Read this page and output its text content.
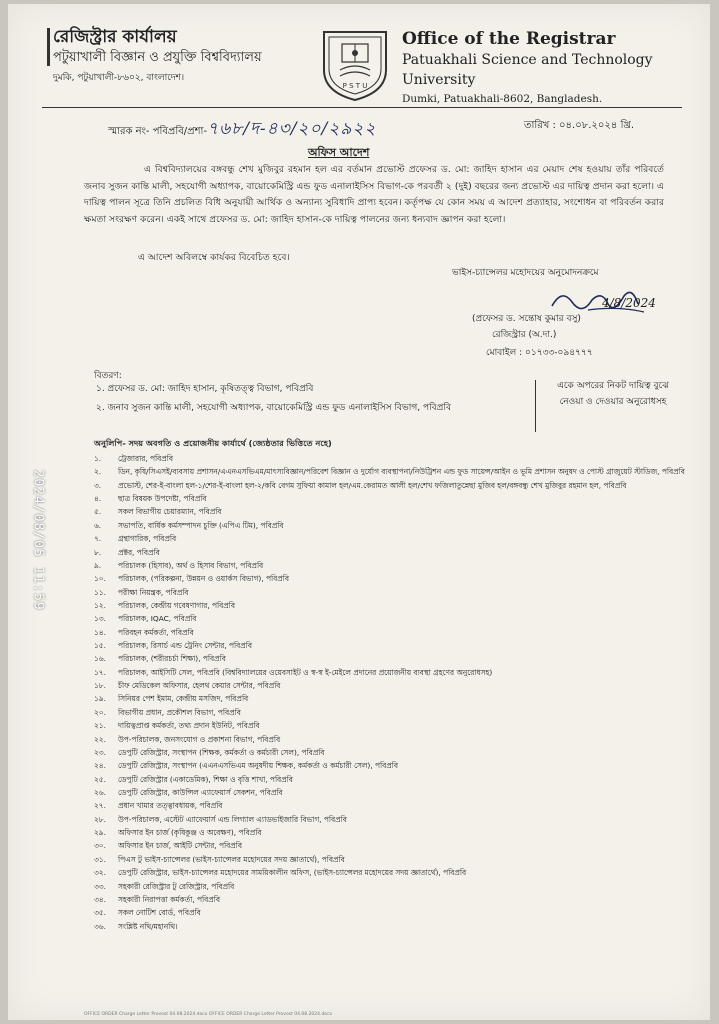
রেজিস্ট্রার কার্যালয়
পটুয়াখালী বিজ্ঞান ও প্রযুক্তি বিশ্ববিদ্যালয়
দুমকি, পটুয়াখালী-৮৬০২, বাংলাদেশ।
P S T U
Office of the Registrar
Patuakhali Science and Technology University
Dumki, Patuakhali-8602, Bangladesh.
স্মারক নং- পবিপ্রবি/প্রশা-৭৬৮/দ-৪৩/২০/২৯২২	তারিখ : ০৪.০৮.২০২৪ খ্রি.
অফিস আদেশ
এ বিশ্ববিদ্যালয়ের বঙ্গবন্ধু শেখ মুজিবুর রহমান হল এর বর্তমান প্রভোস্ট প্রফেসর ড. মো: জাহিদ হাসান এর মেয়াদ শেষ হওয়ায় তাঁর পরিবর্তে জনাব সুজন কান্তি মালী, সহযোগী অধ্যাপক, বায়োকেমিস্ট্রি এন্ড ফুড এনালাইসিস বিভাগ-কে পরবর্তী ২ (দুই) বছরের জন্য প্রভোস্ট এর দায়িত্ব প্রদান করা হলো। এ দায়িত্ব পালন সূত্রে তিনি প্রচলিত বিধি অনুযায়ী আর্থিক ও অন্যান্য সুবিধাদি প্রাপ্য হবেন। কর্তৃপক্ষ যে কোন সময় এ আদেশ প্রত্যাহার, সংশোধন বা পরিবর্তন করার ক্ষমতা সংরক্ষণ করেন। একই সাথে প্রফেসর ড. মো: জাহিদ হাসান-কে দায়িত্ব পালনের জন্য ধন্যবাদ জ্ঞাপন করা হলো।
এ আদেশ অবিলম্বে কার্যকর বিবেচিত হবে।
ভাইস-চ্যান্সেলর মহোদয়ের অনুমোদনক্রমে
4/8/2024
(প্রফেসর ড. সন্তোষ কুমার বসু)
রেজিস্ট্রার (অ.দা.)
মোবাইল : ০১৭৩৩-০৯৪৭৭৭
বিতরণ:
১. প্রফেসর ড. মো: জাহিদ হাসান, কৃষিতত্ত্ব বিভাগ, পবিপ্রবি
২. জনাব সুজন কান্তি মালী, সহযোগী অধ্যাপক, বায়োকেমিস্ট্রি এন্ড ফুড এনালাইসিস বিভাগ, পবিপ্রবি
একে অপরের নিকট দায়িত্ব বুঝে নেওয়া ও দেওয়ার অনুরোধসহ
অনুলিপি- সদয় অবগতি ও প্রয়োজনীয় কার্যার্থে (জ্যেষ্ঠতার ভিত্তিতে নহে)
১.	ট্রেজারার, পবিপ্রবি
২.	ডিন, কৃষি/সিএসই/ব্যবসায় প্রশাসন/এএনএসভিএম/মাৎস্যবিজ্ঞান/পরিবেশ বিজ্ঞান ও দুর্যোগ ব্যবস্থাপনা/নিউট্রিশন এন্ড ফুড সায়েন্স/আইন ও ভূমি প্রশাসন অনুষদ ও পোস্ট গ্রাজুয়েট স্টাডিজ, পবিপ্রবি
৩.	প্রভোস্ট, শের-ই-বাংলা হল-১/শের-ই-বাংলা হল-২/কবি বেগম সুফিয়া কামাল হল/এম.কেরামত আলী হল/শেখ ফজিলাতুন্নেছা মুজিব হল/বঙ্গবন্ধু শেখ মুজিবুর রহমান হল, পবিপ্রবি
৪.	ছাত্র বিষয়ক উপদেষ্টা, পবিপ্রবি
৫.	সকল বিভাগীয় চেয়ারম্যান, পবিপ্রবি
৬.	সভাপতি, বার্ষিক কর্মসম্পাদন চুক্তি (এপিএ টিম), পবিপ্রবি
৭.	গ্রন্থাগারিক, পবিপ্রবি
৮.	প্রক্টর, পবিপ্রবি
৯.	পরিচালক (হিসাব), অর্থ ও হিসাব বিভাগ, পবিপ্রবি
১০.	পরিচালক, (পরিকল্পনা, উন্নয়ন ও ওয়ার্কস বিভাগ), পবিপ্রবি
১১.	পরীক্ষা নিয়ন্ত্রক, পবিপ্রবি
১২.	পরিচালক, কেন্দ্রীয় গবেষণাগার, পবিপ্রবি
১৩.	পরিচালক, IQAC, পবিপ্রবি
১৪.	পরিবহন কর্মকর্তা, পবিপ্রবি
১৫.	পরিচালক, রিসার্চ এন্ড ট্রেনিং সেন্টার, পবিপ্রবি
১৬.	পরিচালক, (শরীরচর্চা শিক্ষা), পবিপ্রবি
১৭.	পরিচালক, আইসিটি সেল, পবিপ্রবি (বিশ্ববিদ্যালয়ের ওয়েবসাইট ও স্ব-স্ব ই-মেইলে প্রদানের প্রয়োজনীয় ব্যবস্থা গ্রহণের অনুরোধসহ)
১৮.	চীফ মেডিকেল অফিসার, হেলথ কেয়ার সেন্টার, পবিপ্রবি
১৯.	সিনিয়র পেশ ইমাম, কেন্দ্রীয় মসজিদ, পবিপ্রবি
২০.	বিভাগীয় প্রধান, প্রকৌশল বিভাগ, পবিপ্রবি
২১.	দায়িত্বপ্রাপ্ত কর্মকর্তা, তথ্য প্রদান ইউনিট, পবিপ্রবি
২২.	উপ-পরিচালক, জনসংযোগ ও প্রকাশনা বিভাগ, পবিপ্রবি
২৩.	ডেপুটি রেজিস্ট্রার, সংস্থাপন (শিক্ষক, কর্মকর্তা ও কর্মচারী সেল), পবিপ্রবি
২৪.	ডেপুটি রেজিস্ট্রার, সংস্থাপন (এএনএসভিএম অনুষদীয় শিক্ষক, কর্মকর্তা ও কর্মচারী সেল), পবিপ্রবি
২৫.	ডেপুটি রেজিস্ট্রার (একাডেমিক), শিক্ষা ও বৃত্তি শাখা, পবিপ্রবি
২৬.	ডেপুটি রেজিস্ট্রার, কাউন্সিল এ্যাফেয়ার্স সেকশন, পবিপ্রবি
২৭.	প্রধান খামার তত্ত্বাবধায়ক, পবিপ্রবি
২৮.	উপ-পরিচালক, এস্টেট এ্যাফেয়ার্স এন্ড লিগ্যাল এ্যাডভাইজারি বিভাগ, পবিপ্রবি
২৯.	অফিসার ইন চার্জ (কৃষিকুঞ্জ ও অবেক্ষণ), পবিপ্রবি
৩০.	অফিসার ইন চার্জ, আইটি সেন্টার, পবিপ্রবি
৩১.	পিএস টু ভাইস-চ্যান্সেলর (ভাইস-চ্যান্সেলর মহোদয়ের সদয় জ্ঞাতার্থে), পবিপ্রবি
৩২.	ডেপুটি রেজিস্ট্রার, ভাইস-চ্যান্সেলর মহোদয়ের সাময়িকালীন অফিস, (ভাইস-চ্যান্সেলর মহোদয়ের সদয় জ্ঞাতার্থে), পবিপ্রবি
৩৩.	সহকারী রেজিস্ট্রার টু রেজিস্ট্রার, পবিপ্রবি
৩৪.	সহকারী নিরাপত্তা কর্মকর্তা, পবিপ্রবি
৩৫.	সকল নোটিশ বোর্ড, পবিপ্রবি
৩৬.	সংশ্লিষ্ট নথি/মহানথি।
OFFICE ORDER Charge Letter Provost 04.08.2024.docx OFFICE ORDER Charge Letter Provost 04.08.2024.docx
2024/08/05 11:59
